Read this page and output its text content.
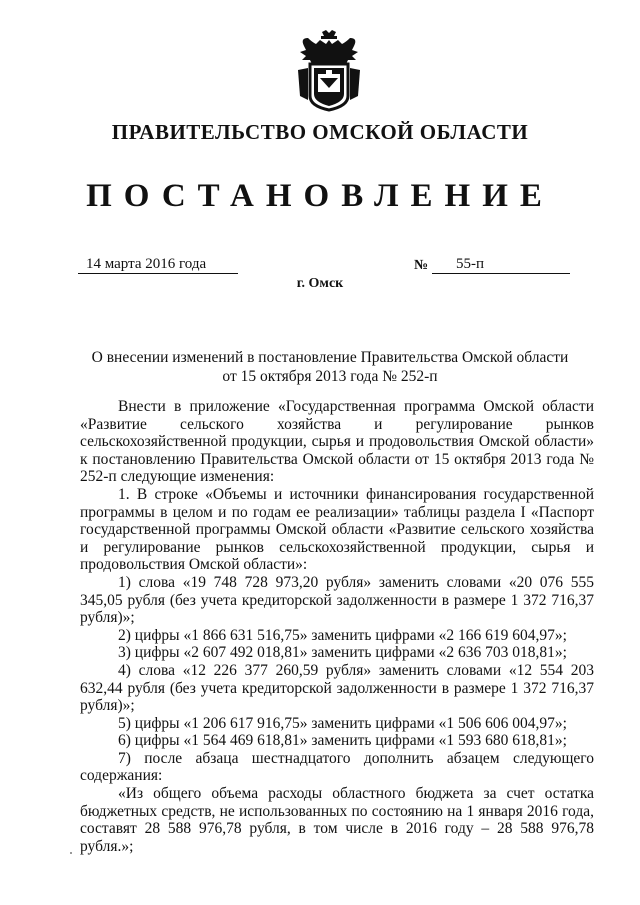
ПРАВИТЕЛЬСТВО ОМСКОЙ ОБЛАСТИ
ПОСТАНОВЛЕНИЕ
14 марта 2016 года	№	55-п
г. Омск
О внесении изменений в постановление Правительства Омской области
от 15 октября 2013 года № 252-п

Внести в приложение «Государственная программа Омской области «Развитие сельского хозяйства и регулирование рынков сельскохозяйственной продукции, сырья и продовольствия Омской области» к постановлению Правительства Омской области от 15 октября 2013 года № 252-п следующие изменения:

1. В строке «Объемы и источники финансирования государственной программы в целом и по годам ее реализации» таблицы раздела I «Паспорт государственной программы Омской области «Развитие сельского хозяйства и регулирование рынков сельскохозяйственной продукции, сырья и продовольствия Омской области»:

1) слова «19 748 728 973,20 рубля» заменить словами «20 076 555 345,05 рубля (без учета кредиторской задолженности в размере 1 372 716,37 рубля)»;

2) цифры «1 866 631 516,75» заменить цифрами «2 166 619 604,97»;

3) цифры «2 607 492 018,81» заменить цифрами «2 636 703 018,81»;

4) слова «12 226 377 260,59 рубля» заменить словами «12 554 203 632,44 рубля (без учета кредиторской задолженности в размере 1 372 716,37 рубля)»;

5) цифры «1 206 617 916,75» заменить цифрами «1 506 606 004,97»;

6) цифры «1 564 469 618,81» заменить цифрами «1 593 680 618,81»;

7) после абзаца шестнадцатого дополнить абзацем следующего содержания:

«Из общего объема расходы областного бюджета за счет остатка бюджетных средств, не использованных по состоянию на 1 января 2016 года, составят 28 588 976,78 рубля, в том числе в 2016 году – 28 588 976,78 рубля.»;
